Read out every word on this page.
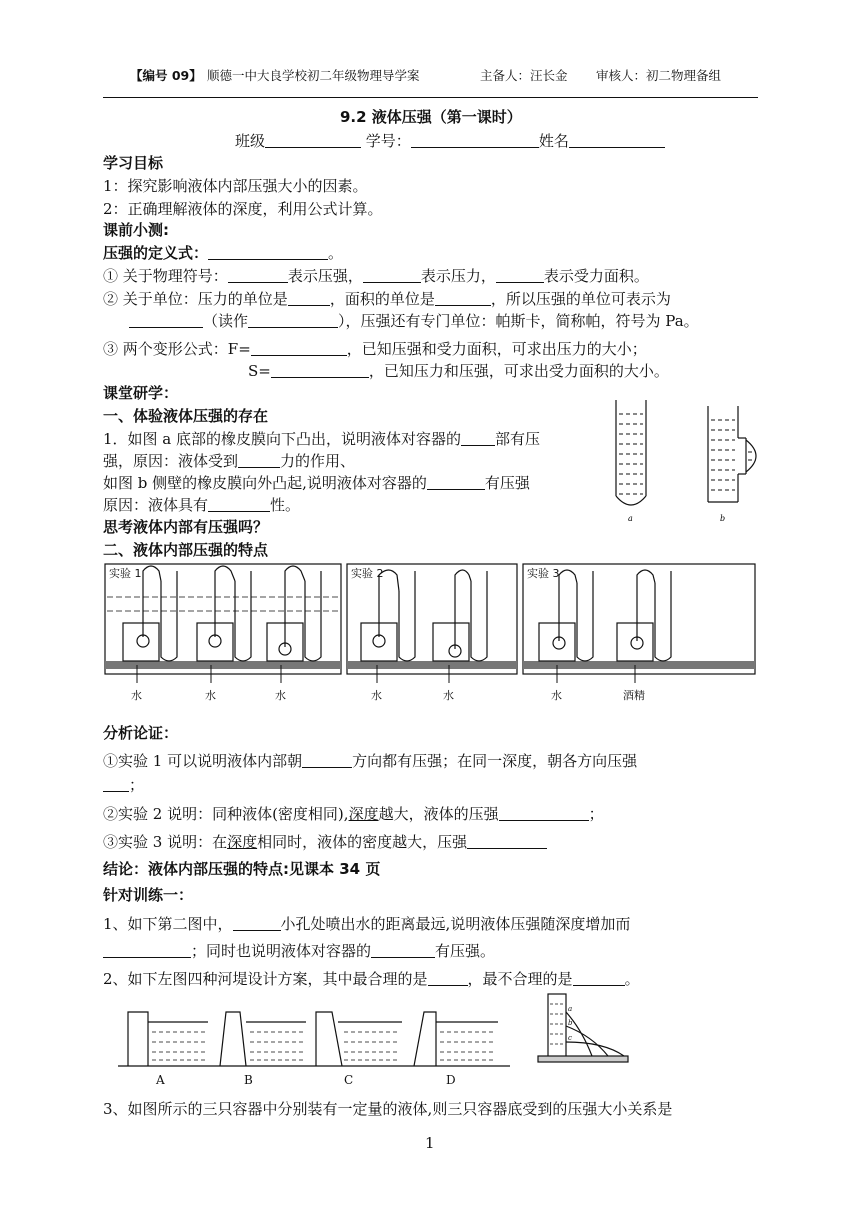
【编号 09】 顺德一中大良学校初二年级物理导学案	主备人：汪长金 审核人：初二物理备组
9.2 液体压强（第一课时）
班级	学号：	姓名
学习目标
1：探究影响液体内部压强大小的因素。
2：正确理解液体的深度，利用公式计算。
课前小测:
压强的定义式：	。
① 关于物理符号：	表示压强，	表示压力，	表示受力面积。
② 关于单位：压力的单位是	，面积的单位是	，所以压强的单位可表示为
（读作	），压强还有专门单位：帕斯卡，简称帕，符号为 Pa。
③ 两个变形公式：F=	，已知压强和受力面积，可求出压力的大小；
S=	，已知压力和压强，可求出受力面积的大小。
课堂研学：
一、体验液体压强的存在
1．如图 a 底部的橡皮膜向下凸出，说明液体对容器的 部有压
强，原因：液体受到	力的作用、
如图 b 侧壁的橡皮膜向外凸起,说明液体对容器的	有压强
原因：液体具有	性。
思考液体内部有压强吗？
二、液体内部压强的特点
a	b
实验 1	实验 2	实验 3
水	水	水	水	水	水	酒精
分析论证：
①实验 1 可以说明液体内部朝	方向都有压强；在同一深度，朝各方向压强
；
②实验 2 说明：同种液体(密度相同),深度越大，液体的压强	；
③实验 3 说明：在深度相同时，液体的密度越大，压强
结论：液体内部压强的特点:见课本 34 页
针对训练一：
1、如下第二图中，	小孔处喷出水的距离最远,说明液体压强随深度增加而
；同时也说明液体对容器的	有压强。
2、如下左图四种河堤设计方案，其中最合理的是	，最不合理的是	。
A	B	C	D
a
b
c
3、如图所示的三只容器中分别装有一定量的液体,则三只容器底受到的压强大小关系是
1
